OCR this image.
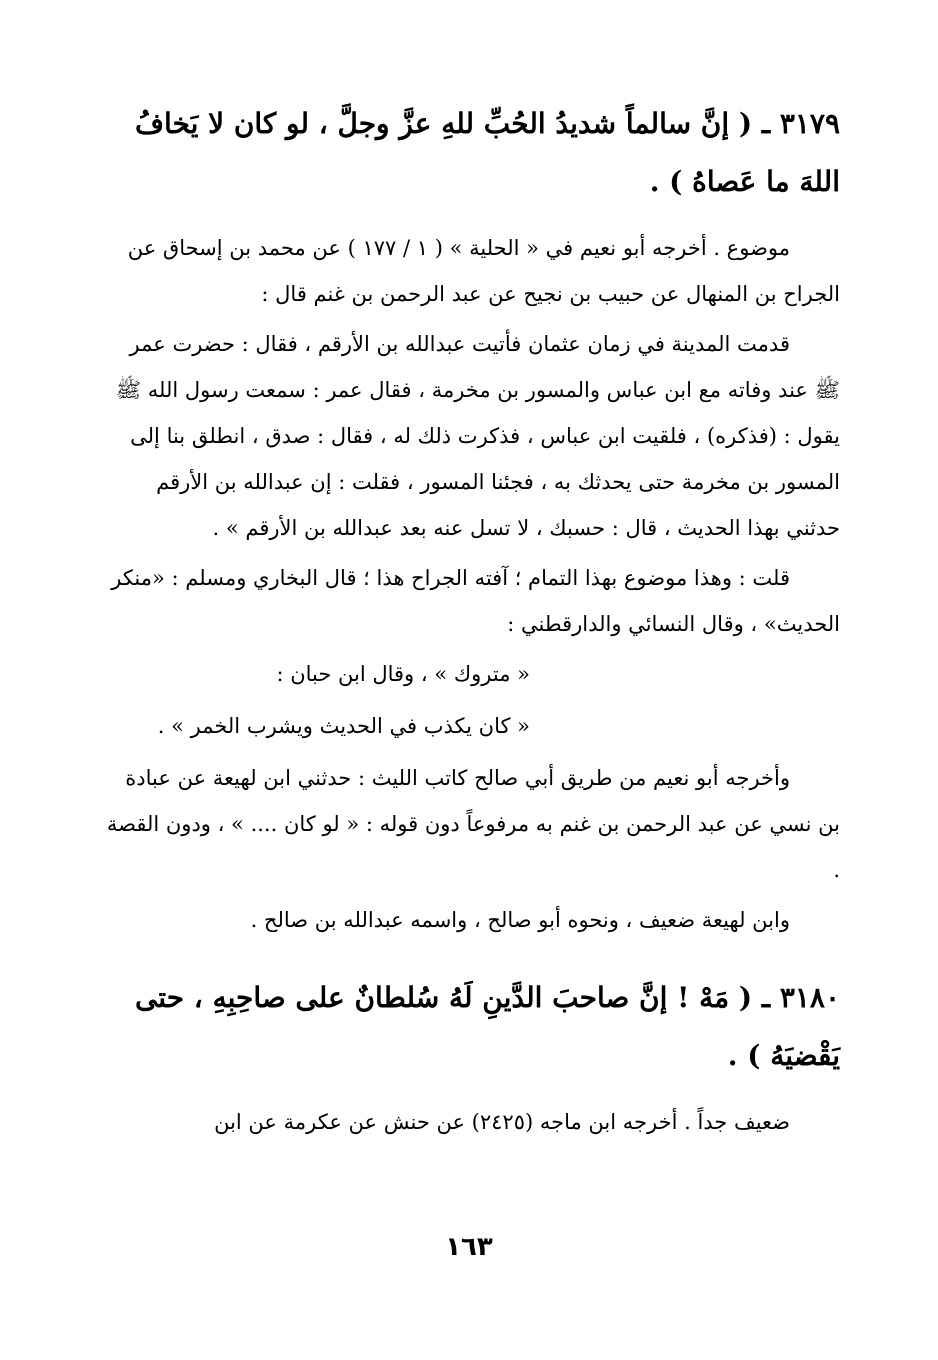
٣١٧٩ ـ ( إنَّ سالماً شديدُ الحُبِّ للهِ عزَّ وجلَّ ، لو كان لا يَخافُ اللهَ ما عَصاهُ ) .
موضوع . أخرجه أبو نعيم في « الحلية » ( ١ / ١٧٧ ) عن محمد بن إسحاق عن الجراح بن المنهال عن حبيب بن نجيح عن عبد الرحمن بن غنم قال :
قدمت المدينة في زمان عثمان فأتيت عبدالله بن الأرقم ، فقال : حضرت عمر ﷺ عند وفاته مع ابن عباس والمسور بن مخرمة ، فقال عمر : سمعت رسول الله ﷺ يقول : (فذكره) ، فلقيت ابن عباس ، فذكرت ذلك له ، فقال : صدق ، انطلق بنا إلى المسور بن مخرمة حتى يحدثك به ، فجئنا المسور ، فقلت : إن عبدالله بن الأرقم حدثني بهذا الحديث ، قال : حسبك ، لا تسل عنه بعد عبدالله بن الأرقم » .
قلت : وهذا موضوع بهذا التمام ؛ آفته الجراح هذا ؛ قال البخاري ومسلم : «منكر الحديث» ، وقال النسائي والدارقطني :
« متروك » ، وقال ابن حبان :
« كان يكذب في الحديث ويشرب الخمر » .
وأخرجه أبو نعيم من طريق أبي صالح كاتب الليث : حدثني ابن لهيعة عن عبادة بن نسي عن عبد الرحمن بن غنم به مرفوعاً دون قوله : « لو كان .... » ، ودون القصة .
وابن لهيعة ضعيف ، ونحوه أبو صالح ، واسمه عبدالله بن صالح .
٣١٨٠ ـ ( مَهْ ! إنَّ صاحبَ الدَّينِ لَهُ سُلطانٌ على صاحِبِهِ ، حتى يَقْضيَهُ ) .
ضعيف جداً . أخرجه ابن ماجه (٢٤٢٥) عن حنش عن عكرمة عن ابن
١٦٣
